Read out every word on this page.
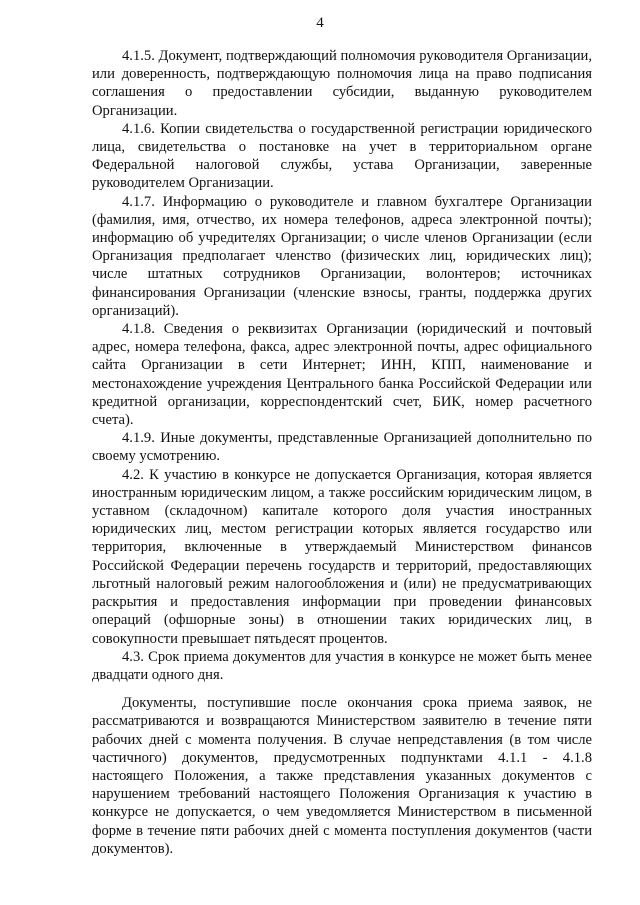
4

4.1.5. Документ, подтверждающий полномочия руководителя Организации, или доверенность, подтверждающую полномочия лица на право подписания соглашения о предоставлении субсидии, выданную руководителем Организации.

4.1.6. Копии свидетельства о государственной регистрации юридического лица, свидетельства о постановке на учет в территориальном органе Федеральной налоговой службы, устава Организации, заверенные руководителем Организации.

4.1.7. Информацию о руководителе и главном бухгалтере Организации (фамилия, имя, отчество, их номера телефонов, адреса электронной почты); информацию об учредителях Организации; о числе членов Организации (если Организация предполагает членство (физических лиц, юридических лиц); числе штатных сотрудников Организации, волонтеров; источниках финансирования Организации (членские взносы, гранты, поддержка других организаций).

4.1.8. Сведения о реквизитах Организации (юридический и почтовый адрес, номера телефона, факса, адрес электронной почты, адрес официального сайта Организации в сети Интернет; ИНН, КПП, наименование и местонахождение учреждения Центрального банка Российской Федерации или кредитной организации, корреспондентский счет, БИК, номер расчетного счета).

4.1.9. Иные документы, представленные Организацией дополнительно по своему усмотрению.

4.2. К участию в конкурсе не допускается Организация, которая является иностранным юридическим лицом, а также российским юридическим лицом, в уставном (складочном) капитале которого доля участия иностранных юридических лиц, местом регистрации которых является государство или территория, включенные в утверждаемый Министерством финансов Российской Федерации перечень государств и территорий, предоставляющих льготный налоговый режим налогообложения и (или) не предусматривающих раскрытия и предоставления информации при проведении финансовых операций (офшорные зоны) в отношении таких юридических лиц, в совокупности превышает пятьдесят процентов.

4.3. Срок приема документов для участия в конкурсе не может быть менее двадцати одного дня.

Документы, поступившие после окончания срока приема заявок, не рассматриваются и возвращаются Министерством заявителю в течение пяти рабочих дней с момента получения. В случае непредставления (в том числе частичного) документов, предусмотренных подпунктами 4.1.1 - 4.1.8 настоящего Положения, а также представления указанных документов с нарушением требований настоящего Положения Организация к участию в конкурсе не допускается, о чем уведомляется Министерством в письменной форме в течение пяти рабочих дней с момента поступления документов (части документов).
